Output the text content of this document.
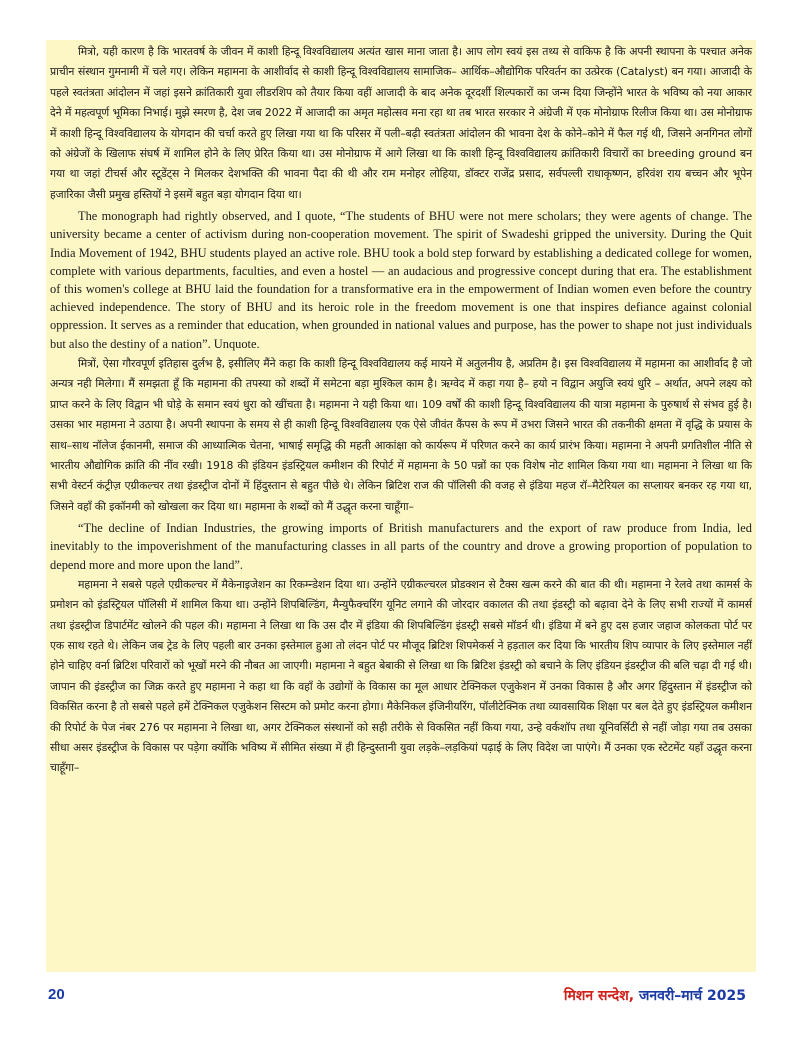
मित्रो, यही कारण है कि भारतवर्ष के जीवन में काशी हिन्दू विश्वविद्यालय अत्यंत खास माना जाता है। आप लोग स्वयं इस तथ्य से वाकिफ है कि अपनी स्थापना के पश्चात अनेक प्राचीन संस्थान गुमनामी में चले गए। लेकिन महामना के आशीर्वाद से काशी हिन्दू विश्वविद्यालय सामाजिक– आर्थिक–औद्योगिक परिवर्तन का उत्प्रेरक (Catalyst) बन गया। आजादी के पहले स्वतंत्रता आंदोलन में जहां इसने क्रांतिकारी युवा लीडरशिप को तैयार किया वहीं आजादी के बाद अनेक दूरदर्शी शिल्पकारों का जन्म दिया जिन्होंने भारत के भविष्य को नया आकार देने में महत्वपूर्ण भूमिका निभाई। मुझे स्मरण है, देश जब 2022 में आजादी का अमृत महोत्सव मना रहा था तब भारत सरकार ने अंग्रेजी में एक मोनोग्राफ रिलीज किया था। उस मोनोग्राफ में काशी हिन्दू विश्वविद्यालय के योगदान की चर्चा करते हुए लिखा गया था कि परिसर में पली–बढ़ी स्वतंत्रता आंदोलन की भावना देश के कोने–कोने में फैल गई थी, जिसने अनगिनत लोगों को अंग्रेजों के खिलाफ संघर्ष में शामिल होने के लिए प्रेरित किया था। उस मोनोग्राफ में आगे लिखा था कि काशी हिन्दू विश्वविद्यालय क्रांतिकारी विचारों का breeding ground बन गया था जहां टीचर्स और स्टूडेंट्स ने मिलकर देशभक्ति की भावना पैदा की थी और राम मनोहर लोहिया, डॉक्टर राजेंद्र प्रसाद, सर्वपल्ली राधाकृष्णन, हरिवंश राय बच्चन और भूपेन हजारिका जैसी प्रमुख हस्तियों ने इसमें बहुत बड़ा योगदान दिया था।

The monograph had rightly observed, and I quote, “The students of BHU were not mere scholars; they were agents of change. The university became a center of activism during non-cooperation movement. The spirit of Swadeshi gripped the university. During the Quit India Movement of 1942, BHU students played an active role. BHU took a bold step forward by establishing a dedicated college for women, complete with various departments, faculties, and even a hostel — an audacious and progressive concept during that era. The establishment of this women's college at BHU laid the foundation for a transformative era in the empowerment of Indian women even before the country achieved independence. The story of BHU and its heroic role in the freedom movement is one that inspires defiance against colonial oppression. It serves as a reminder that education, when grounded in national values and purpose, has the power to shape not just individuals but also the destiny of a nation”. Unquote.

मित्रों, ऐसा गौरवपूर्ण इतिहास दुर्लभ है, इसीलिए मैंने कहा कि काशी हिन्दू विश्वविद्यालय कई मायने में अतुलनीय है, अप्रतिम है। इस विश्वविद्यालय में महामना का आशीर्वाद है जो अन्यत्र नही मिलेगा। मैं समझता हूँ कि महामना की तपस्या को शब्दों में समेटना बड़ा मुश्किल काम है। ऋग्वेद में कहा गया है– हयो न विद्वान अयुजि स्वयं धुरि – अर्थात, अपने लक्ष्य को प्राप्त करने के लिए विद्वान भी घोड़े के समान स्वयं धुरा को खींचता है। महामना ने यही किया था। 109 वर्षों की काशी हिन्दू विश्वविद्यालय की यात्रा महामना के पुरुषार्थ से संभव हुई है। उसका भार महामना ने उठाया है। अपनी स्थापना के समय से ही काशी हिन्दू विश्वविद्यालय एक ऐसे जीवंत कैंपस के रूप में उभरा जिसने भारत की तकनीकी क्षमता में वृद्धि के प्रयास के साथ–साथ नॉलेज ईकानमी, समाज की आध्यात्मिक चेतना, भाषाई समृद्धि की महती आकांक्षा को कार्यरूप में परिणत करने का कार्य प्रारंभ किया। महामना ने अपनी प्रगतिशील नीति से भारतीय औद्योगिक क्रांति की नींव रखी। 1918 की इंडियन इंडस्ट्रियल कमीशन की रिपोर्ट में महामना के 50 पन्नों का एक विशेष नोट शामिल किया गया था। महामना ने लिखा था कि सभी वेस्टर्न कंट्रीज़ एग्रीकल्चर तथा इंडस्ट्रीज दोनों में हिंदुस्तान से बहुत पीछे थे। लेकिन ब्रिटिश राज की पॉलिसी की वजह से इंडिया महज रॉ–मैटेरियल का सप्लायर बनकर रह गया था, जिसने वहाँ की इकॉनमी को खोखला कर दिया था। महामना के शब्दों को मैं उद्धृत करना चाहूँगा–

“The decline of Indian Industries, the growing imports of British manufacturers and the export of raw produce from India, led inevitably to the impoverishment of the manufacturing classes in all parts of the country and drove a growing proportion of population to depend more and more upon the land”.

महामना ने सबसे पहले एग्रीकल्चर में मैकेनाइजेशन का रिकम्न्डेशन दिया था। उन्होंने एग्रीकल्चरल प्रोडक्शन से टैक्स खत्म करने की बात की थी। महामना ने रेलवे तथा कामर्स के प्रमोशन को इंडस्ट्रियल पॉलिसी में शामिल किया था। उन्होंने शिपबिल्डिंग, मैन्युफैक्चरिंग यूनिट लगाने की जोरदार वकालत की तथा इंडस्ट्री को बढ़ावा देने के लिए सभी राज्यों में कामर्स तथा इंडस्ट्रीज डिपार्टमेंट खोलने की पहल की। महामना ने लिखा था कि उस दौर में इंडिया की शिपबिल्डिंग इंडस्ट्री सबसे मॉडर्न थी। इंडिया में बने हुए दस हजार जहाज कोलकता पोर्ट पर एक साथ रहते थे। लेकिन जब ट्रेड के लिए पहली बार उनका इस्तेमाल हुआ तो लंदन पोर्ट पर मौजूद ब्रिटिश शिपमेकर्स ने हड़ताल कर दिया कि भारतीय शिप व्यापार के लिए इस्तेमाल नहीं होने चाहिए वर्ना ब्रिटिश परिवारों को भूखों मरने की नौबत आ जाएगी। महामना ने बहुत बेबाकी से लिखा था कि ब्रिटिश इंडस्ट्री को बचाने के लिए इंडियन इंडस्ट्रीज की बलि चढ़ा दी गई थी। जापान की इंडस्ट्रीज का जिक्र करते हुए महामना ने कहा था कि वहाँ के उद्योगों के विकास का मूल आधार टेक्निकल एजुकेशन में उनका विकास है और अगर हिंदुस्तान में इंडस्ट्रीज को विकसित करना है तो सबसे पहले हमें टेक्निकल एजुकेशन सिस्टम को प्रमोट करना होगा। मैकेनिकल इंजिनीयरिंग, पॉलीटेक्निक तथा व्यावसायिक शिक्षा पर बल देते हुए इंडस्ट्रियल कमीशन की रिपोर्ट के पेज नंबर 276 पर महामना ने लिखा था, अगर टेक्निकल संस्थानों को सही तरीके से विकसित नहीं किया गया, उन्हे वर्कशॉप तथा यूनिवर्सिटी से नहीं जोड़ा गया तब उसका सीधा असर इंडस्ट्रीज के विकास पर पड़ेगा क्योंकि भविष्य में सीमित संख्या में ही हिन्दुस्तानी युवा लड़के–लड़कियां पढ़ाई के लिए विदेश जा पाएंगे। मैं उनका एक स्टेटमेंट यहाँ उद्धृत करना चाहूँगा–

20	मिशन सन्देश, जनवरी–मार्च 2025
